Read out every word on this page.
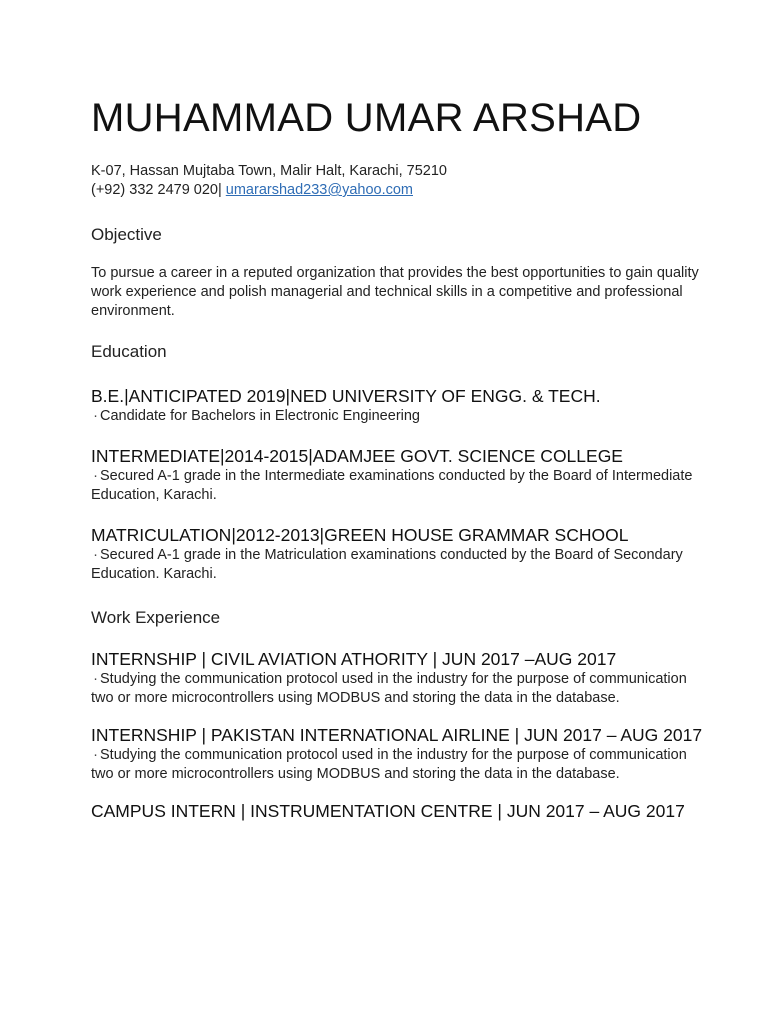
MUHAMMAD UMAR ARSHAD
K-07, Hassan Mujtaba Town, Malir Halt, Karachi, 75210
(+92) 332 2479 020| umararshad233@yahoo.com
Objective
To pursue a career in a reputed organization that provides the best opportunities to gain quality work experience and polish managerial and technical skills in a competitive and professional environment.
Education
B.E.|ANTICIPATED 2019|NED UNIVERSITY OF ENGG. & TECH.
· Candidate for Bachelors in Electronic Engineering
INTERMEDIATE|2014-2015|ADAMJEE GOVT. SCIENCE COLLEGE
· Secured A-1 grade in the Intermediate examinations conducted by the Board of Intermediate Education, Karachi.
MATRICULATION|2012-2013|GREEN HOUSE GRAMMAR SCHOOL
· Secured A-1 grade in the Matriculation examinations conducted by the Board of Secondary Education. Karachi.
Work Experience
INTERNSHIP | CIVIL AVIATION ATHORITY | JUN 2017 –AUG 2017
· Studying the communication protocol used in the industry for the purpose of communication two or more microcontrollers using MODBUS and storing the data in the database.
INTERNSHIP | PAKISTAN INTERNATIONAL AIRLINE | JUN 2017 – AUG 2017
· Studying the communication protocol used in the industry for the purpose of communication two or more microcontrollers using MODBUS and storing the data in the database.
CAMPUS INTERN | INSTRUMENTATION CENTRE | JUN 2017 – AUG 2017
